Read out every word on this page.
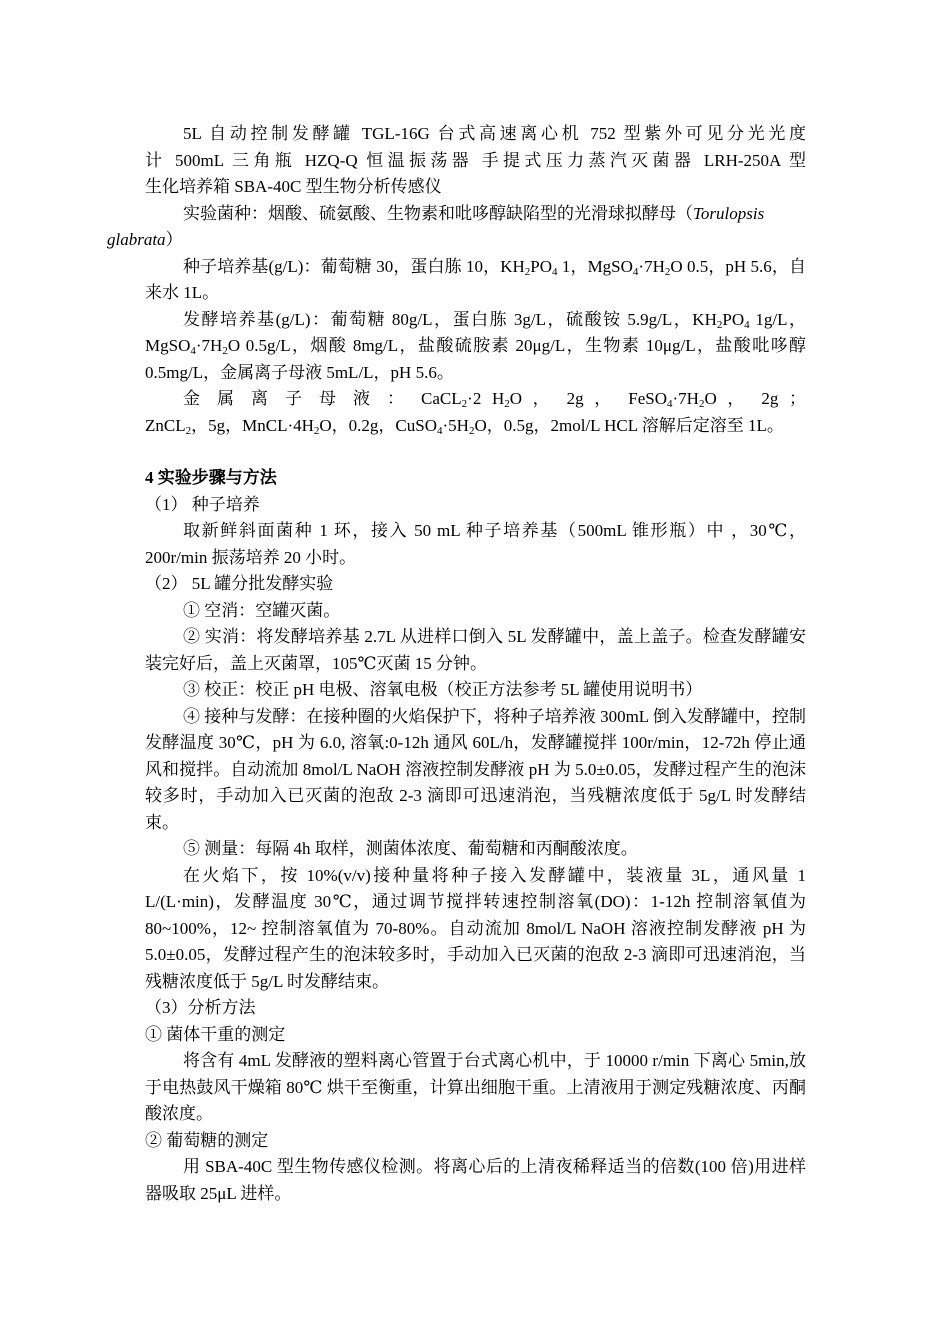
5L 自动控制发酵罐 TGL-16G 台式高速离心机 752 型紫外可见分光光度

计 500mL 三角瓶 HZQ-Q 恒温振荡器 手提式压力蒸汽灭菌器 LRH-250A 型

生化培养箱 SBA-40C 型生物分析传感仪

实验菌种：烟酸、硫氨酸、生物素和吡哆醇缺陷型的光滑球拟酵母（Torulopsis
glabrata）

种子培养基(g/L)：葡萄糖 30，蛋白胨 10，$KH_2PO_4$ 1，$MgSO_4\cdot 7H_2O$ 0.5，pH 5.6，自来水 1L。

发酵培养基(g/L)：葡萄糖 80g/L，蛋白胨 3g/L，硫酸铵 5.9g/L，$KH_2PO_4$ 1g/L，$MgSO_4\cdot 7H_2O$ 0.5g/L，烟酸 8mg/L，盐酸硫胺素 20μg/L，生物素 10μg/L，盐酸吡哆醇 0.5mg/L，金属离子母液 5mL/L，pH 5.6。

金 属 离 子 母 液 ： CaCL$_2$·2 $H_2O$ ， 2g ， $FeSO_4\cdot 7H_2O$ ， 2g ；

ZnCL$_2$，5g，$MnCL\cdot 4H_2O$，0.2g，$CuSO_4\cdot 5H_2O$，0.5g，2mol/L HCL 溶解后定溶至 1L。

4 实验步骤与方法

（1） 种子培养

取新鲜斜面菌种 1 环，接入 50 mL 种子培养基（500mL 锥形瓶）中 ，30℃，200r/min 振荡培养 20 小时。

（2） 5L 罐分批发酵实验

① 空消：空罐灭菌。

② 实消：将发酵培养基 2.7L 从进样口倒入 5L 发酵罐中，盖上盖子。检查发酵罐安装完好后，盖上灭菌罩，105℃灭菌 15 分钟。

③ 校正：校正 pH 电极、溶氧电极（校正方法参考 5L 罐使用说明书）

④ 接种与发酵：在接种圈的火焰保护下，将种子培养液 300mL 倒入发酵罐中，控制发酵温度 30℃，pH 为 6.0, 溶氧:0-12h 通风 60L/h，发酵罐搅拌 100r/min，12-72h 停止通风和搅拌。自动流加 8mol/L NaOH 溶液控制发酵液 pH 为 5.0±0.05，发酵过程产生的泡沫较多时，手动加入已灭菌的泡敌 2-3 滴即可迅速消泡，当残糖浓度低于 5g/L 时发酵结束。

⑤ 测量：每隔 4h 取样，测菌体浓度、葡萄糖和丙酮酸浓度。

在火焰下，按 10%(v/v)接种量将种子接入发酵罐中，装液量 3L，通风量 1 L/(L·min)，发酵温度 30℃，通过调节搅拌转速控制溶氧(DO)：1-12h 控制溶氧值为 80~100%，12~ 控制溶氧值为 70-80%。自动流加 8mol/L NaOH 溶液控制发酵液 pH 为 5.0±0.05，发酵过程产生的泡沫较多时，手动加入已灭菌的泡敌 2-3 滴即可迅速消泡，当残糖浓度低于 5g/L 时发酵结束。

（3）分析方法

① 菌体干重的测定

将含有 4mL 发酵液的塑料离心管置于台式离心机中，于 10000 r/min 下离心 5min,放于电热鼓风干燥箱 80℃ 烘干至衡重，计算出细胞干重。上清液用于测定残糖浓度、丙酮酸浓度。

② 葡萄糖的测定

用 SBA-40C 型生物传感仪检测。将离心后的上清夜稀释适当的倍数(100 倍)用进样器吸取 25μL 进样。
